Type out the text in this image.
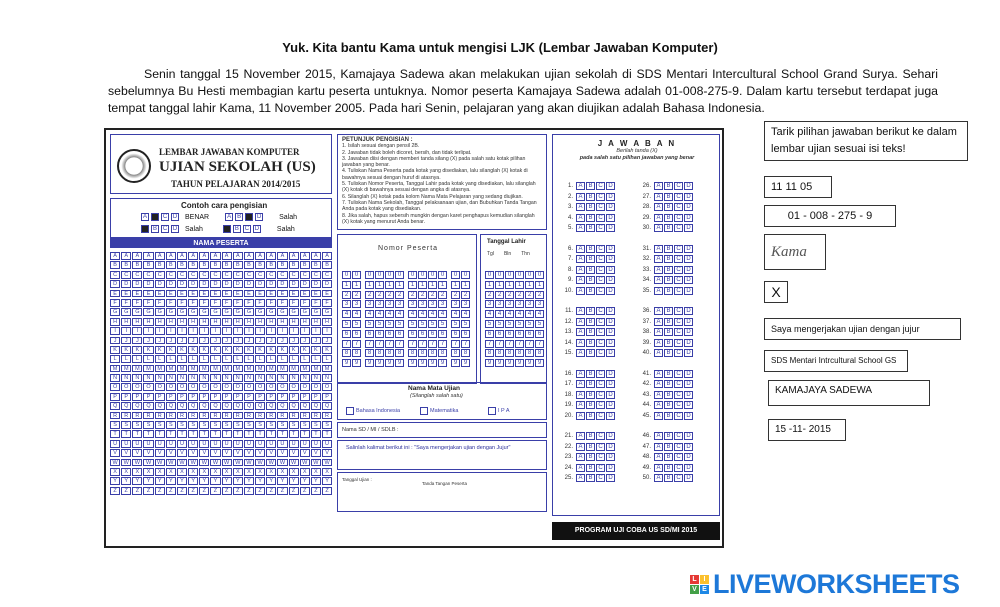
Yuk. Kita bantu Kama untuk mengisi LJK (Lembar Jawaban Komputer)
Senin tanggal 15 November 2015, Kamajaya Sadewa akan melakukan ujian sekolah di SDS Mentari Intercultural School Grand Surya. Sehari sebelumnya Bu Hesti membagian kartu peserta untuknya. Nomor peserta Kamajaya Sadewa adalah 01-008-275-9. Dalam kartu tersebut terdapat juga tempat tanggal lahir Kama, 11 November 2005. Pada hari Senin, pelajaran yang akan diujikan adalah Bahasa Indonesia.
LEMBAR JAWABAN KOMPUTER
UJIAN SEKOLAH (US)
TAHUN PELAJARAN 2014/2015
Contoh cara pengisian
A	C D BENAR	A B	D	Salah
B C D Salah	B C D	Salah
NAMA PESERTA
A	A	A	A	A	A	A	A	A	A	A	A	A	A	A	A	A	A	A	A
B	B	B	B	B	B	B	B	B	B	B	B	B	B	B	B	B	B	B	B
C	C	C	C	C	C	C	C	C	C	C	C	C	C	C	C	C	C	C	C
D	D	D	D	D	D	D	D	D	D	D	D	D	D	D	D	D	D	D	D
E	E	E	E	E	E	E	E	E	E	E	E	E	E	E	E	E	E	E	E
F	F	F	F	F	F	F	F	F	F	F	F	F	F	F	F	F	F	F	F
G	G	G	G	G	G	G	G	G	G	G	G	G	G	G	G	G	G	G	G
H	H	H	H	H	H	H	H	H	H	H	H	H	H	H	H	H	H	H	H
I	I	I	I	I	I	I	I	I	I	I	I	I	I	I	I	I	I	I	I
J	J	J	J	J	J	J	J	J	J	J	J	J	J	J	J	J	J	J	J
K	K	K	K	K	K	K	K	K	K	K	K	K	K	K	K	K	K	K	K
L	L	L	L	L	L	L	L	L	L	L	L	L	L	L	L	L	L	L	L
M	M	M	M	M	M	M	M	M	M	M	M	M	M	M	M	M	M	M	M
N	N	N	N	N	N	N	N	N	N	N	N	N	N	N	N	N	N	N	N
O	O	O	O	O	O	O	O	O	O	O	O	O	O	O	O	O	O	O	O
P	P	P	P	P	P	P	P	P	P	P	P	P	P	P	P	P	P	P	P
Q	Q	Q	Q	Q	Q	Q	Q	Q	Q	Q	Q	Q	Q	Q	Q	Q	Q	Q	Q
R	R	R	R	R	R	R	R	R	R	R	R	R	R	R	R	R	R	R	R
S	S	S	S	S	S	S	S	S	S	S	S	S	S	S	S	S	S	S	S
T	T	T	T	T	T	T	T	T	T	T	T	T	T	T	T	T	T	T	T
U	U	U	U	U	U	U	U	U	U	U	U	U	U	U	U	U	U	U	U
V	V	V	V	V	V	V	V	V	V	V	V	V	V	V	V	V	V	V	V
W	W	W	W	W	W	W	W	W	W	W	W	W	W	W	W	W	W	W	W
X	X	X	X	X	X	X	X	X	X	X	X	X	X	X	X	X	X	X	X
Y	Y	Y	Y	Y	Y	Y	Y	Y	Y	Y	Y	Y	Y	Y	Y	Y	Y	Y	Y
Z	Z	Z	Z	Z	Z	Z	Z	Z	Z	Z	Z	Z	Z	Z	Z	Z	Z	Z	Z
PETUNJUK PENGISIAN :
1. Isilah sesuai dengan pensil 2B.
2. Jawaban tidak boleh dicoret, bersih, dan tidak terlipat.
3. Jawaban diisi dengan memberi tanda silang (X) pada salah satu kotak pilihan jawaban yang benar.
4. Tuliskan Nama Peserta pada kotak yang disediakan, lalu silanglah (X) kotak di bawahnya sesuai dengan huruf di atasnya.
5. Tuliskan Nomor Peserta, Tanggal Lahir pada kotak yang disediakan, lalu silanglah (X) kotak di bawahnya sesuai dengan angka di atasnya.
6. Silanglah (X) kotak pada kolom Nama Mata Pelajaran yang sedang diujikan.
7. Tuliskan Nama Sekolah, Tanggal pelaksanaan ujian, dan Bubuhkan Tanda Tangan Anda pada kotak yang disediakan.
8. Jika salah, hapus sebersih mungkin dengan karet penghapus kemudian silanglah (X) kotak yang menurut Anda benar.
Nomor Peserta
0	0	0	0	0	0	0	0	0	0	0	0
1	1	1	1	1	1	1	1	1	1	1	1
2	2	2	2	2	2	2	2	2	2	2	2
3	3	3	3	3	3	3	3	3	3	3	3
4	4	4	4	4	4	4	4	4	4	4	4
5	5	5	5	5	5	5	5	5	5	5	5
6	6	6	6	6	6	6	6	6	6	6	6
7	7	7	7	7	7	7	7	7	7	7	7
8	8	8	8	8	8	8	8	8	8	8	8
9	9	9	9	9	9	9	9	9	9	9	9
Tanggal Lahir
Tgl Bln Thn
0	0	0	0	0	0
1	1	1	1	1	1
2	2	2	2	2	2
3	3	3	3	3	3
4	4	4	4	4	4
5	5	5	5	5	5
6	6	6	6	6	6
7	7	7	7	7	7
8	8	8	8	8	8
9	9	9	9	9	9
Nama Mata Ujian
(Silanglah salah satu)
Bahasa Indonesia	Matematika	I P A
Nama SD / MI / SDLB :
Salinlah kalimat berikut ini : "Saya mengerjakan ujian dengan Jujur"
Tanggal Ujian :
Tanda Tangan Peserta
J A W A B A N
Berilah tanda (X)
pada salah satu pilihan jawaban yang benar
1. A B C D
2. A B C D
3. A B C D
4. A B C D
5. A B C D
6. A B C D
7. A B C D
8. A B C D
9. A B C D
10. A B C D
11. A B C D
12. A B C D
13. A B C D
14. A B C D
15. A B C D
16. A B C D
17. A B C D
18. A B C D
19. A B C D
20. A B C D
21. A B C D
22. A B C D
23. A B C D
24. A B C D
25. A B C D
26. A B C D
27. A B C D
28. A B C D
29. A B C D
30. A B C D
31. A B C D
32. A B C D
33. A B C D
34. A B C D
35. A B C D
36. A B C D
37. A B C D
38. A B C D
39. A B C D
40. A B C D
41. A B C D
42. A B C D
43. A B C D
44. A B C D
45. A B C D
46. A B C D
47. A B C D
48. A B C D
49. A B C D
50. A B C D
PROGRAM UJI COBA US SD/MI 2015
Tarik pilihan jawaban berikut ke dalam lembar ujian sesuai isi teks!
11 11 05
01 - 008 - 275 - 9
Kama
X
Saya mengerjakan ujian dengan jujur
SDS Mentari Intrcultural School GS
KAMAJAYA SADEWA
15 -11- 2015
L I
V E LIVEWORKSHEETS
